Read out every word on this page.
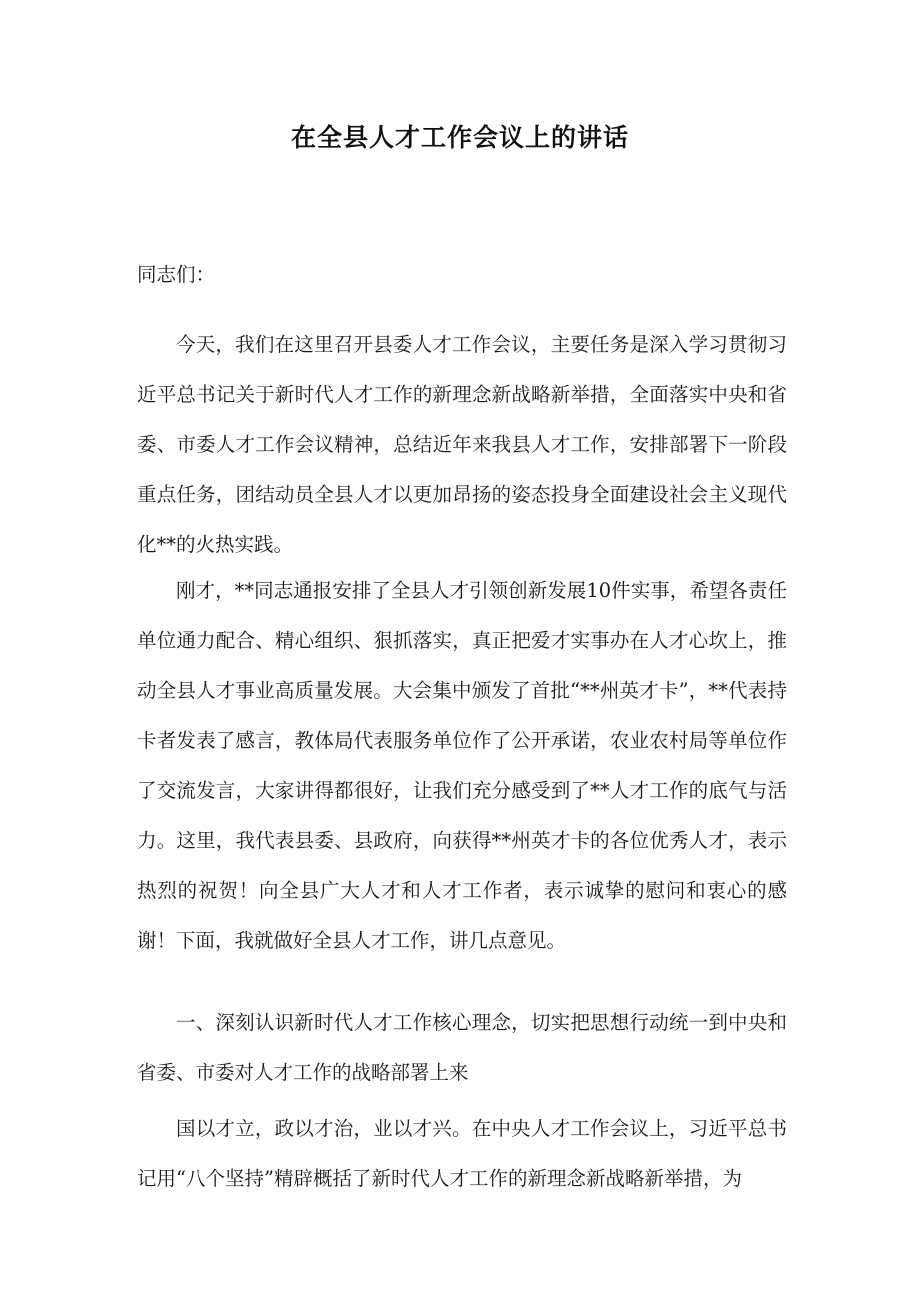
在全县人才工作会议上的讲话

同志们：

今天，我们在这里召开县委人才工作会议，主要任务是深入学习贯彻习近平总书记关于新时代人才工作的新理念新战略新举措，全面落实中央和省委、市委人才工作会议精神，总结近年来我县人才工作，安排部署下一阶段重点任务，团结动员全县人才以更加昂扬的姿态投身全面建设社会主义现代化**的火热实践。

刚才，**同志通报安排了全县人才引领创新发展10件实事，希望各责任单位通力配合、精心组织、狠抓落实，真正把爱才实事办在人才心坎上，推动全县人才事业高质量发展。大会集中颁发了首批“**州英才卡”，**代表持卡者发表了感言，教体局代表服务单位作了公开承诺，农业农村局等单位作了交流发言，大家讲得都很好，让我们充分感受到了**人才工作的底气与活力。这里，我代表县委、县政府，向获得**州英才卡的各位优秀人才，表示热烈的祝贺！向全县广大人才和人才工作者，表示诚挚的慰问和衷心的感谢！下面，我就做好全县人才工作，讲几点意见。

一、深刻认识新时代人才工作核心理念，切实把思想行动统一到中央和省委、市委对人才工作的战略部署上来

国以才立，政以才治，业以才兴。在中央人才工作会议上，习近平总书记用“八个坚持”精辟概括了新时代人才工作的新理念新战略新举措，为
